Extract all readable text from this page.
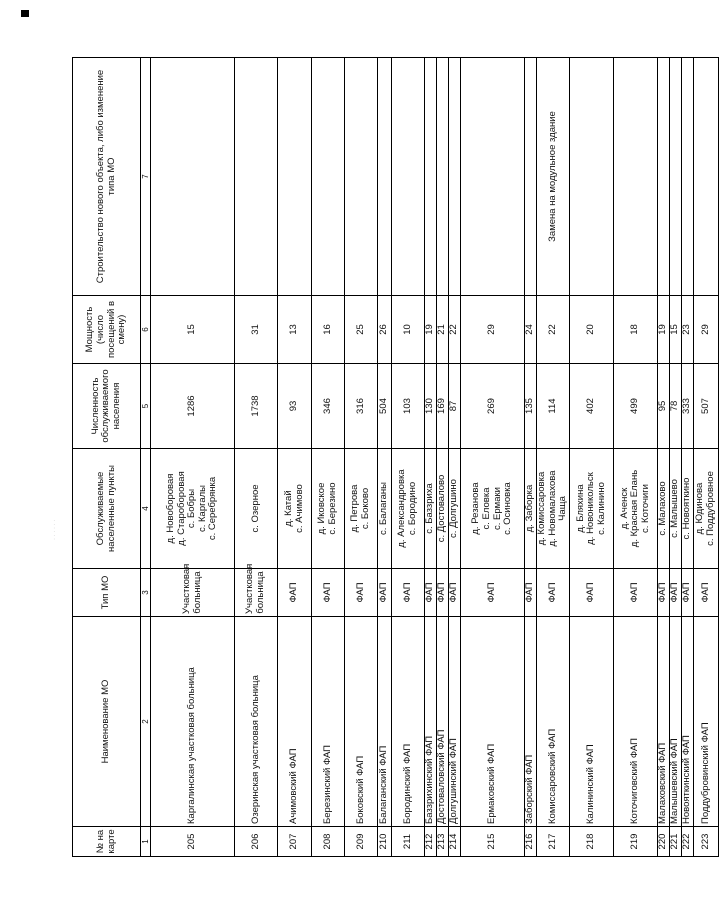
№ на карте	Наименование МО	Тип МО	Обслуживаемые населенные пункты	Численность обслуживаемого населения	Мощность (число посещений в смену)	Строительство нового объекта, либо изменение типа МО
1	2	3	4	5	6	7
205	Каргалинская участковая больница	Участковая больница	д. Новоборовая д. Староборовая с. Бобры с. Каргалы с. Серебрянка	1286	15	
206	Озеринская участковая больница	Участковая больница	с. Озерное	1738	31	
207	Ачимовский ФАП	ФАП	д. Катай с. Ачимово	93	13	
208	Березинский ФАП	ФАП	д. Иковское с. Березино	346	16	
209	Боковский ФАП	ФАП	д. Петрова с. Боково	316	25	
210	Балаганский ФАП	ФАП	с. Балаганы	504	26	
211	Бородинский ФАП	ФАП	д. Александровка с. Бородино	103	10	
212	Баззрихинский ФАП	ФАП	с. Баззриха	130	19	
213	Достоваловский ФАП	ФАП	с. Достовалово	169	21	
214	Долгушинский ФАП	ФАП	с. Долгушино	87	22	
215	Ермаковский ФАП	ФАП	д. Резанова с. Еловка с. Ермаки с. Осиновка	269	29	
216	Заборский ФАП	ФАП	д. Заборка	135	24	
217	Комиссаровский ФАП	ФАП	д. Комиссаровка д. Новомалахова Чаща	114	22	Замена на модульное здание
218	Калининский ФАП	ФАП	д. Бляхина д. Новоникольск с. Калинино	402	20	
219	Коточиговский ФАП	ФАП	д. Аченск д. Красная Елань с. Коточиги	499	18	
220	Малаховский ФАП	ФАП	с. Малахово	95	19	
221	Малышевский ФАП	ФАП	с. Малышево	78	15	
222	Новояткинский ФАП	ФАП	с. Новояткино	333	23	
223	Поддубровинский ФАП	ФАП	д. Юдинова с. Поддубровное	507	29	
· · · · · ·
